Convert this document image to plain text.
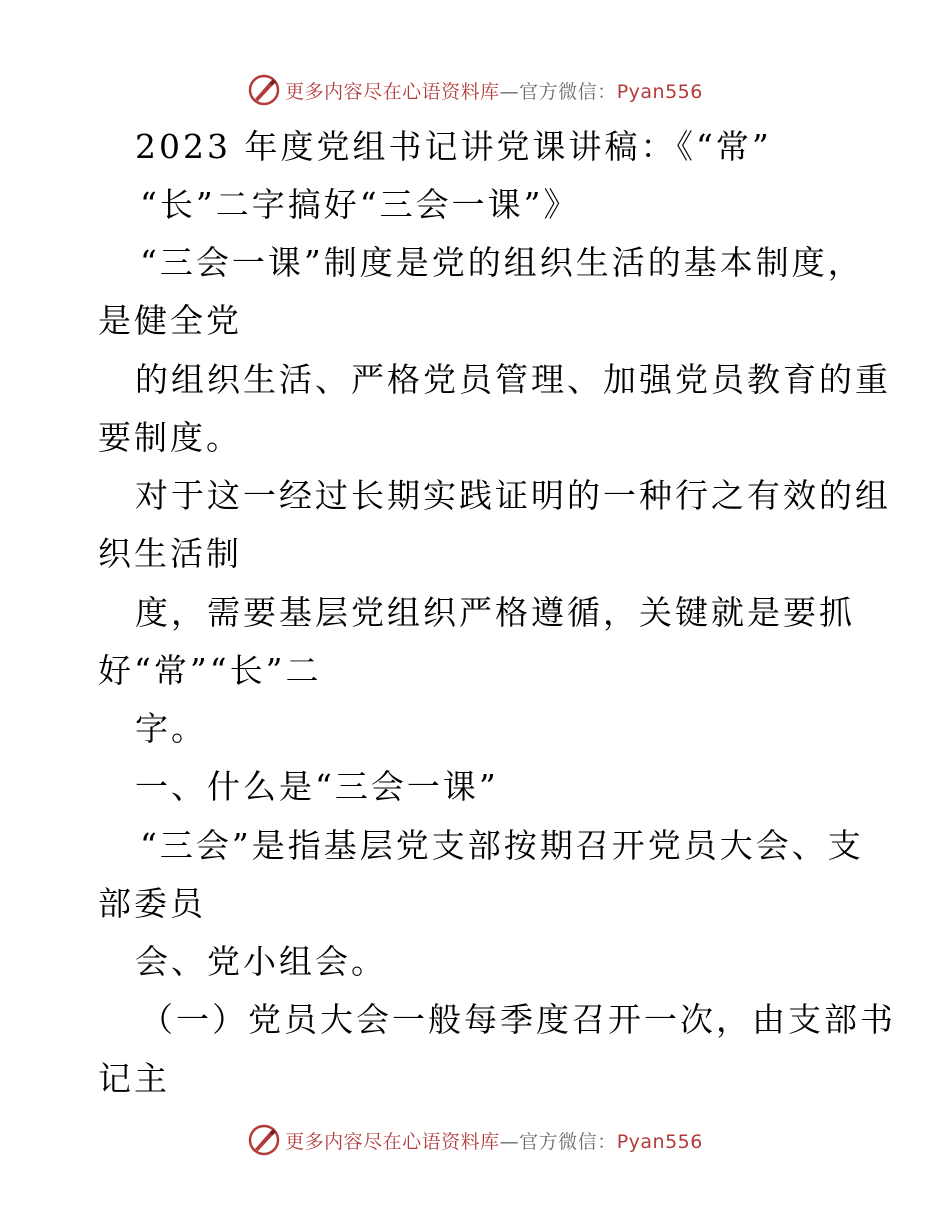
更多内容尽在心语资料库—官方微信：Pyan556
2023 年度党组书记讲党课讲稿：《“常”
“长”二字搞好“三会一课”》
“三会一课”制度是党的组织生活的基本制度，
是健全党
的组织生活、严格党员管理、加强党员教育的重
要制度。
对于这一经过长期实践证明的一种行之有效的组
织生活制
度，需要基层党组织严格遵循，关键就是要抓
好“常”“长”二
字。
一、什么是“三会一课”
“三会”是指基层党支部按期召开党员大会、支
部委员
会、党小组会。
（一）党员大会一般每季度召开一次，由支部书
记主
更多内容尽在心语资料库—官方微信：Pyan556
